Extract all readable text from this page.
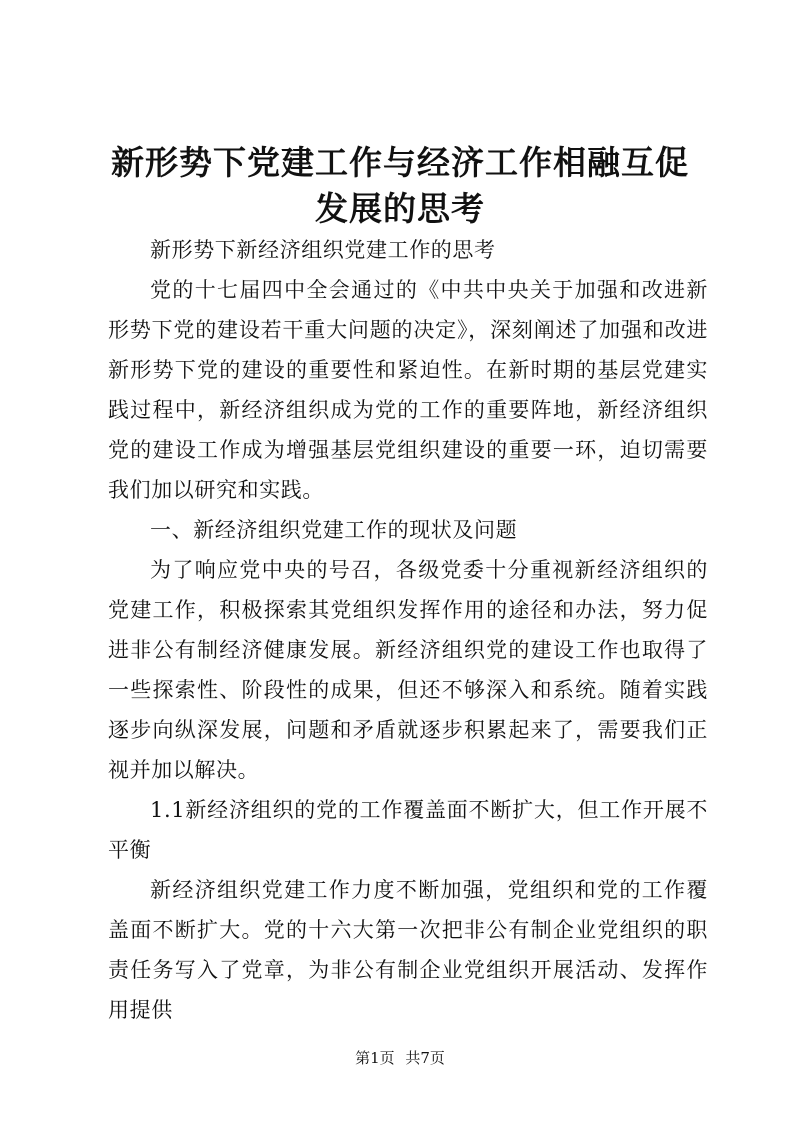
新形势下党建工作与经济工作相融互促发展的思考

新形势下新经济组织党建工作的思考

党的十七届四中全会通过的《中共中央关于加强和改进新形势下党的建设若干重大问题的决定》，深刻阐述了加强和改进新形势下党的建设的重要性和紧迫性。在新时期的基层党建实践过程中，新经济组织成为党的工作的重要阵地，新经济组织党的建设工作成为增强基层党组织建设的重要一环，迫切需要我们加以研究和实践。

一、新经济组织党建工作的现状及问题

为了响应党中央的号召，各级党委十分重视新经济组织的党建工作，积极探索其党组织发挥作用的途径和办法，努力促进非公有制经济健康发展。新经济组织党的建设工作也取得了一些探索性、阶段性的成果，但还不够深入和系统。随着实践逐步向纵深发展，问题和矛盾就逐步积累起来了，需要我们正视并加以解决。

1.1新经济组织的党的工作覆盖面不断扩大，但工作开展不平衡

新经济组织党建工作力度不断加强，党组织和党的工作覆盖面不断扩大。党的十六大第一次把非公有制企业党组织的职责任务写入了党章，为非公有制企业党组织开展活动、发挥作用提供

第1页 共7页
